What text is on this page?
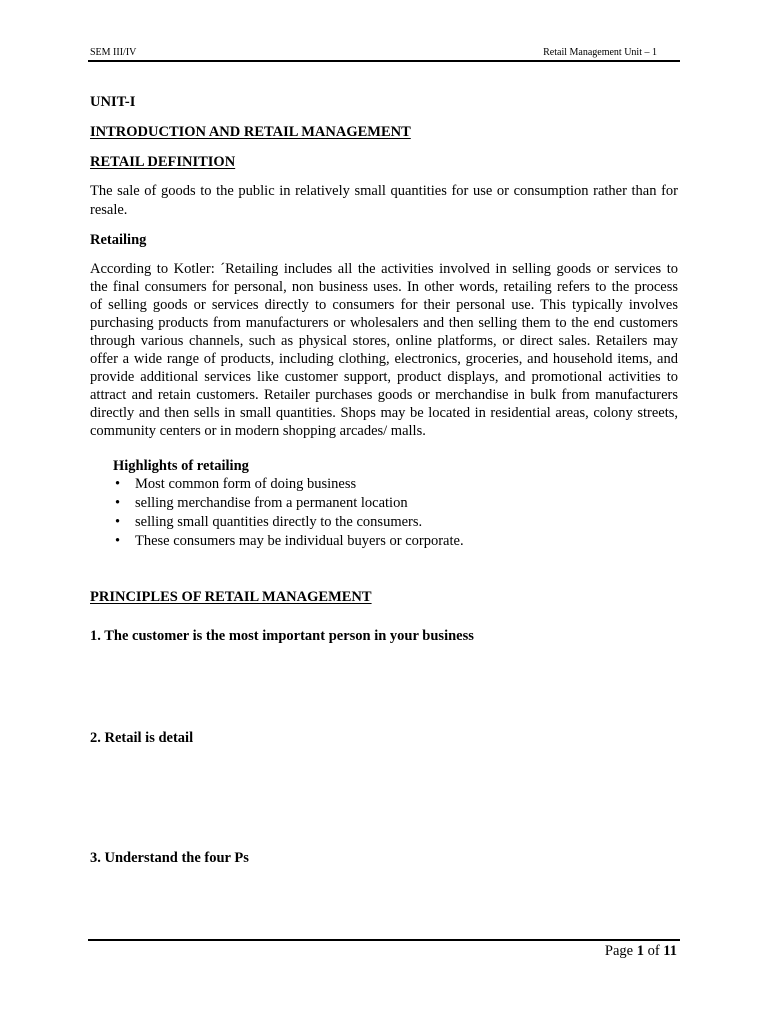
SEM III/IV	Retail Management Unit – 1
UNIT-I
INTRODUCTION AND RETAIL MANAGEMENT
RETAIL DEFINITION
The sale of goods to the public in relatively small quantities for use or consumption rather than for
resale.
Retailing
According to Kotler: ´Retailing includes all the activities involved in selling goods or services to
the final consumers for personal, non business uses. In other words, retailing refers to the process
of selling goods or services directly to consumers for their personal use. This typically involves
purchasing products from manufacturers or wholesalers and then selling them to the end customers
through various channels, such as physical stores, online platforms, or direct sales. Retailers may
offer a wide range of products, including clothing, electronics, groceries, and household items, and
provide additional services like customer support, product displays, and promotional activities to
attract and retain customers. Retailer purchases goods or merchandise in bulk from manufacturers
directly and then sells in small quantities. Shops may be located in residential areas, colony streets,
community centers or in modern shopping arcades/ malls.
Highlights of retailing
• Most common form of doing business
• selling merchandise from a permanent location
• selling small quantities directly to the consumers.
• These consumers may be individual buyers or corporate.
PRINCIPLES OF RETAIL MANAGEMENT
1. The customer is the most important person in your business
2. Retail is detail
3. Understand the four Ps
Page 1 of 11
